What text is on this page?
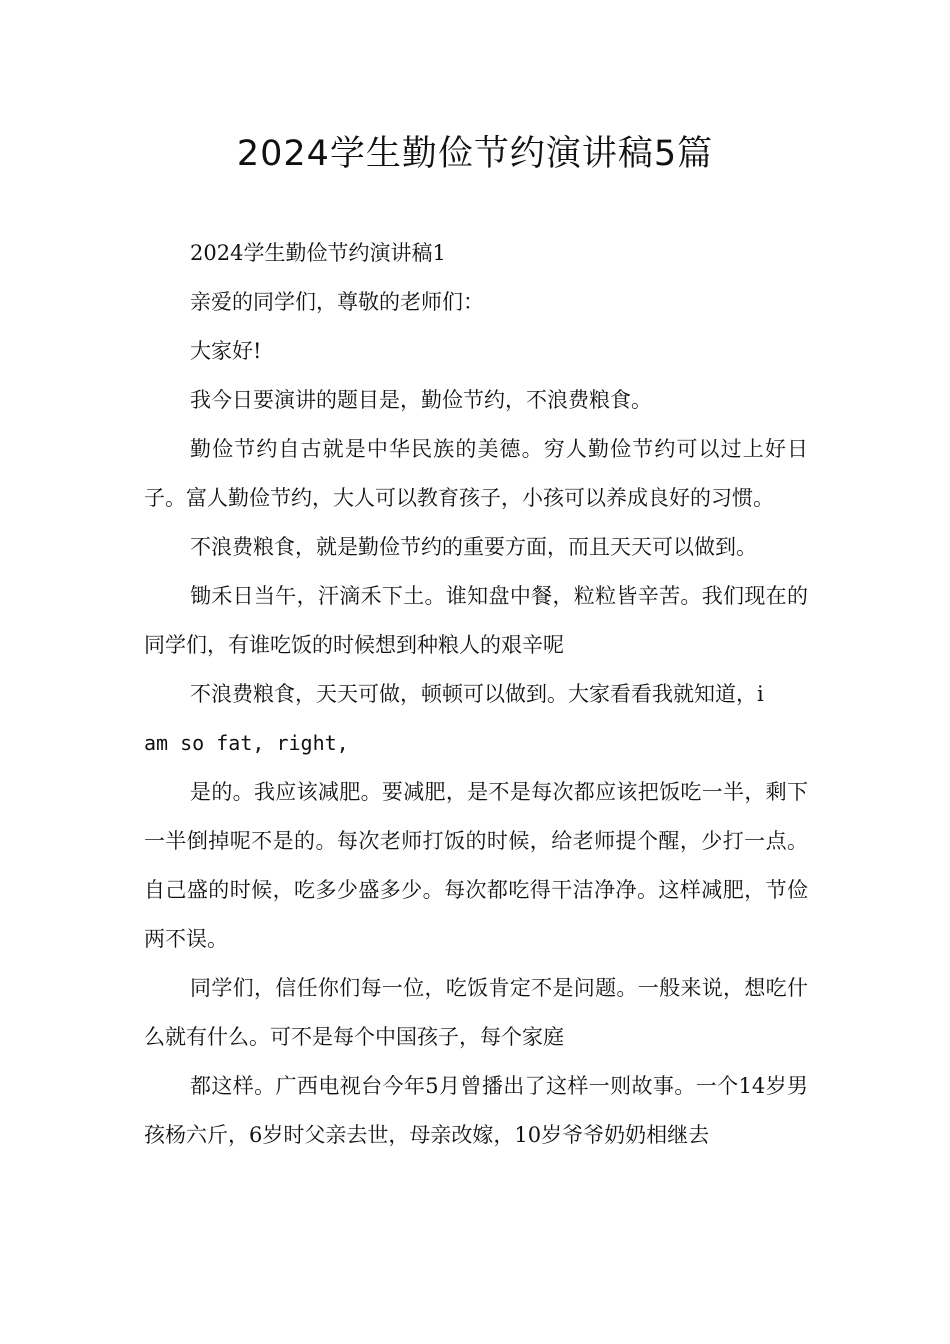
2024学生勤俭节约演讲稿5篇

2024学生勤俭节约演讲稿1

亲爱的同学们，尊敬的老师们：

大家好!

我今日要演讲的题目是，勤俭节约，不浪费粮食。

勤俭节约自古就是中华民族的美德。穷人勤俭节约可以过上好日子。富人勤俭节约，大人可以教育孩子，小孩可以养成良好的习惯。

不浪费粮食，就是勤俭节约的重要方面，而且天天可以做到。

锄禾日当午，汗滴禾下土。谁知盘中餐，粒粒皆辛苦。我们现在的同学们，有谁吃饭的时候想到种粮人的艰辛呢

不浪费粮食，天天可做，顿顿可以做到。大家看看我就知道，i

am so fat, right,

是的。我应该减肥。要减肥，是不是每次都应该把饭吃一半，剩下一半倒掉呢不是的。每次老师打饭的时候，给老师提个醒，少打一点。自己盛的时候，吃多少盛多少。每次都吃得干洁净净。这样减肥，节俭两不误。

同学们，信任你们每一位，吃饭肯定不是问题。一般来说，想吃什么就有什么。可不是每个中国孩子，每个家庭

都这样。广西电视台今年5月曾播出了这样一则故事。一个14岁男孩杨六斤，6岁时父亲去世，母亲改嫁，10岁爷爷奶奶相继去
